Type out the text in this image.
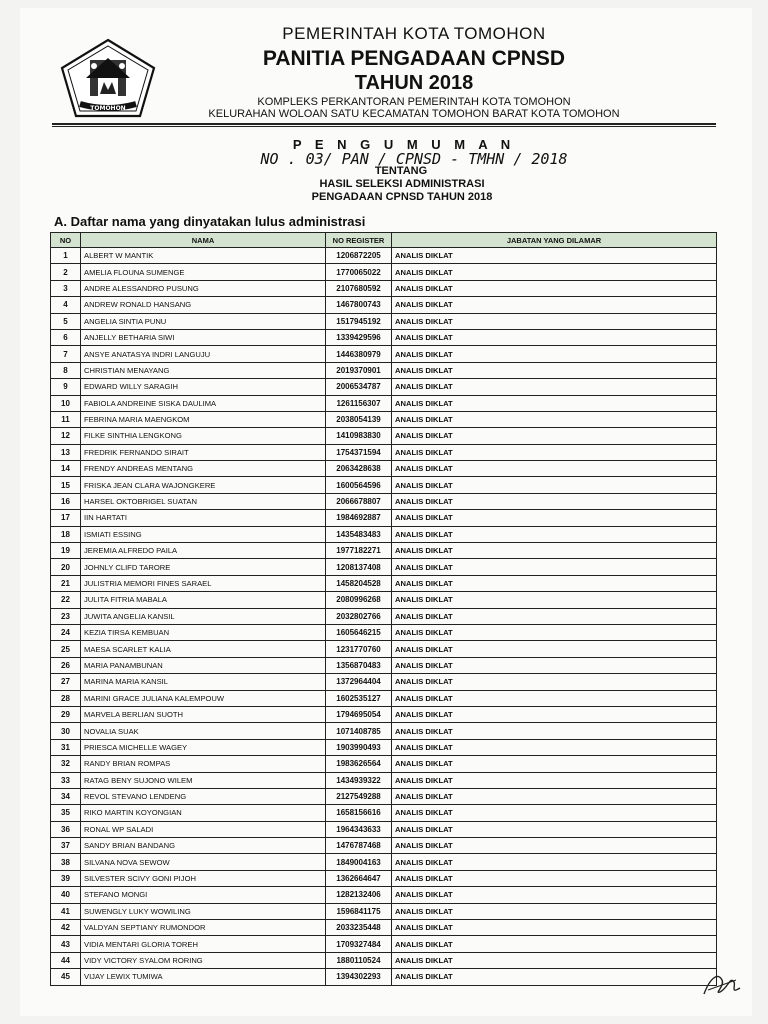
TOMOHON
PEMERINTAH KOTA TOMOHON
PANITIA PENGADAAN CPNSD
TAHUN 2018
KOMPLEKS PERKANTORAN PEMERINTAH KOTA TOMOHON
KELURAHAN WOLOAN SATU KECAMATAN TOMOHON BARAT KOTA TOMOHON
P E N G U M U M A N
NO . 03/ PAN / CPNSD - TMHN / 2018
TENTANG
HASIL SELEKSI ADMINISTRASI
PENGADAAN CPNSD TAHUN 2018
A. Daftar nama yang dinyatakan lulus administrasi
NO	NAMA	NO REGISTER	JABATAN YANG DILAMAR
1	ALBERT W MANTIK	1206872205	ANALIS DIKLAT
2	AMELIA FLOUNA SUMENGE	1770065022	ANALIS DIKLAT
3	ANDRE ALESSANDRO PUSUNG	2107680592	ANALIS DIKLAT
4	ANDREW RONALD HANSANG	1467800743	ANALIS DIKLAT
5	ANGELIA SINTIA PUNU	1517945192	ANALIS DIKLAT
6	ANJELLY BETHARIA SIWI	1339429596	ANALIS DIKLAT
7	ANSYE ANATASYA INDRI LANGUJU	1446380979	ANALIS DIKLAT
8	CHRISTIAN MENAYANG	2019370901	ANALIS DIKLAT
9	EDWARD WILLY SARAGIH	2006534787	ANALIS DIKLAT
10	FABIOLA ANDREINE SISKA DAULIMA	1261156307	ANALIS DIKLAT
11	FEBRINA MARIA MAENGKOM	2038054139	ANALIS DIKLAT
12	FILKE SINTHIA LENGKONG	1410983830	ANALIS DIKLAT
13	FREDRIK FERNANDO SIRAIT	1754371594	ANALIS DIKLAT
14	FRENDY ANDREAS MENTANG	2063428638	ANALIS DIKLAT
15	FRISKA JEAN CLARA WAJONGKERE	1600564596	ANALIS DIKLAT
16	HARSEL OKTOBRIGEL SUATAN	2066678807	ANALIS DIKLAT
17	IIN HARTATI	1984692887	ANALIS DIKLAT
18	ISMIATI ESSING	1435483483	ANALIS DIKLAT
19	JEREMIA ALFREDO PAILA	1977182271	ANALIS DIKLAT
20	JOHNLY CLIFD TARORE	1208137408	ANALIS DIKLAT
21	JULISTRIA MEMORI FINES SARAEL	1458204528	ANALIS DIKLAT
22	JULITA FITRIA MABALA	2080996268	ANALIS DIKLAT
23	JUWITA ANGELIA KANSIL	2032802766	ANALIS DIKLAT
24	KEZIA TIRSA KEMBUAN	1605646215	ANALIS DIKLAT
25	MAESA SCARLET KALIA	1231770760	ANALIS DIKLAT
26	MARIA PANAMBUNAN	1356870483	ANALIS DIKLAT
27	MARINA MARIA KANSIL	1372964404	ANALIS DIKLAT
28	MARINI GRACE JULIANA KALEMPOUW	1602535127	ANALIS DIKLAT
29	MARVELA BERLIAN SUOTH	1794695054	ANALIS DIKLAT
30	NOVALIA SUAK	1071408785	ANALIS DIKLAT
31	PRIESCA MICHELLE WAGEY	1903990493	ANALIS DIKLAT
32	RANDY BRIAN ROMPAS	1983626564	ANALIS DIKLAT
33	RATAG BENY SUJONO WILEM	1434939322	ANALIS DIKLAT
34	REVOL STEVANO LENDENG	2127549288	ANALIS DIKLAT
35	RIKO MARTIN KOYONGIAN	1658156616	ANALIS DIKLAT
36	RONAL WP SALADI	1964343633	ANALIS DIKLAT
37	SANDY BRIAN BANDANG	1476787468	ANALIS DIKLAT
38	SILVANA NOVA SEWOW	1849004163	ANALIS DIKLAT
39	SILVESTER SCIVY GONI PIJOH	1362664647	ANALIS DIKLAT
40	STEFANO MONGI	1282132406	ANALIS DIKLAT
41	SUWENGLY LUKY WOWILING	1596841175	ANALIS DIKLAT
42	VALDYAN SEPTIANY RUMONDOR	2033235448	ANALIS DIKLAT
43	VIDIA MENTARI GLORIA TOREH	1709327484	ANALIS DIKLAT
44	VIDY VICTORY SYALOM RORING	1880110524	ANALIS DIKLAT
45	VIJAY LEWIX TUMIWA	1394302293	ANALIS DIKLAT
